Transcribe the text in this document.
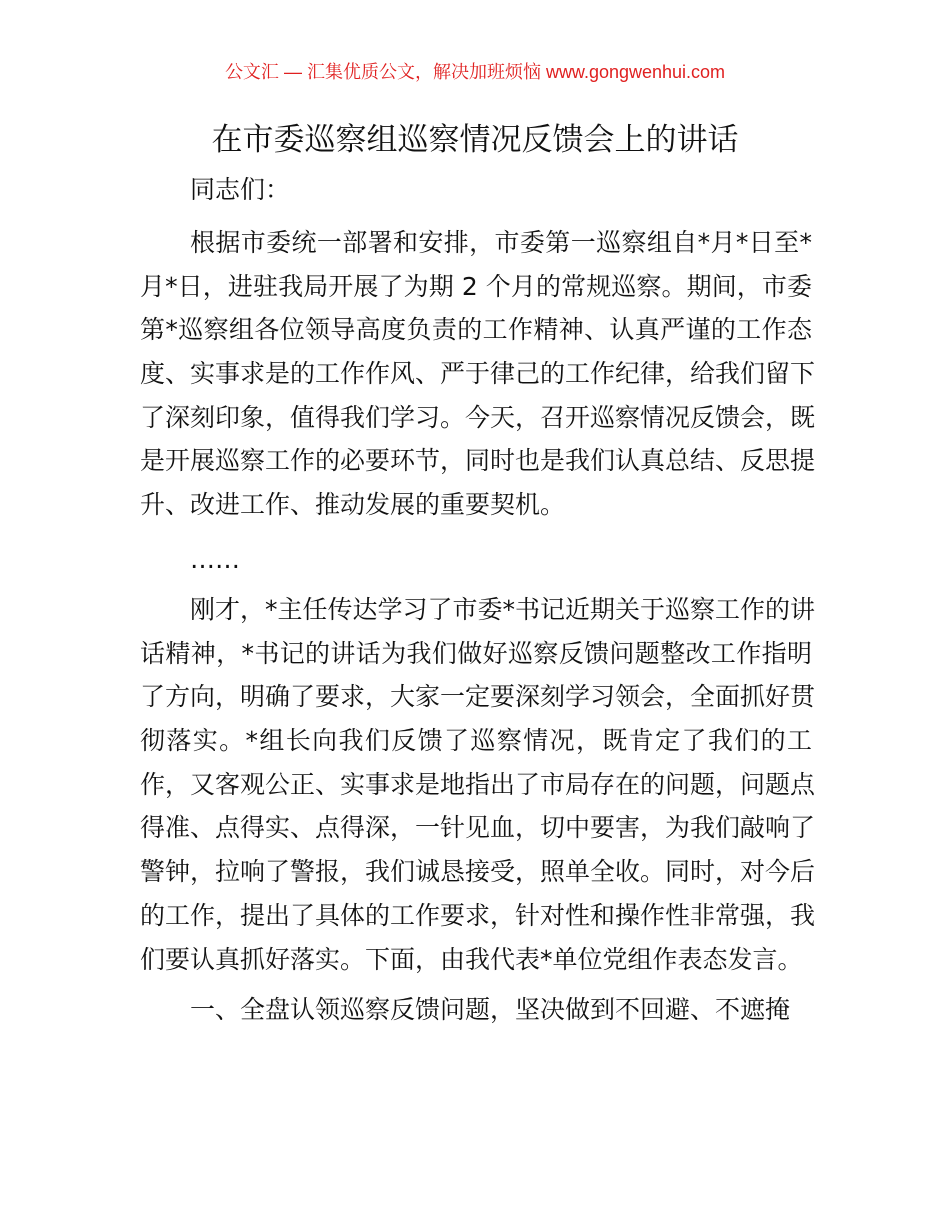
公文汇 — 汇集优质公文，解决加班烦恼 www.gongwenhui.com
在市委巡察组巡察情况反馈会上的讲话
同志们：
根据市委统一部署和安排，市委第一巡察组自*月*日至*
月*日，进驻我局开展了为期 2 个月的常规巡察。期间，市委
第*巡察组各位领导高度负责的工作精神、认真严谨的工作态
度、实事求是的工作作风、严于律己的工作纪律，给我们留下
了深刻印象，值得我们学习。今天，召开巡察情况反馈会，既
是开展巡察工作的必要环节，同时也是我们认真总结、反思提
升、改进工作、推动发展的重要契机。
……
刚才，*主任传达学习了市委*书记近期关于巡察工作的讲
话精神，*书记的讲话为我们做好巡察反馈问题整改工作指明
了方向，明确了要求，大家一定要深刻学习领会，全面抓好贯
彻落实。*组长向我们反馈了巡察情况，既肯定了我们的工
作，又客观公正、实事求是地指出了市局存在的问题，问题点
得准、点得实、点得深，一针见血，切中要害，为我们敲响了
警钟，拉响了警报，我们诚恳接受，照单全收。同时，对今后
的工作，提出了具体的工作要求，针对性和操作性非常强，我
们要认真抓好落实。下面，由我代表*单位党组作表态发言。
一、全盘认领巡察反馈问题，坚决做到不回避、不遮掩
